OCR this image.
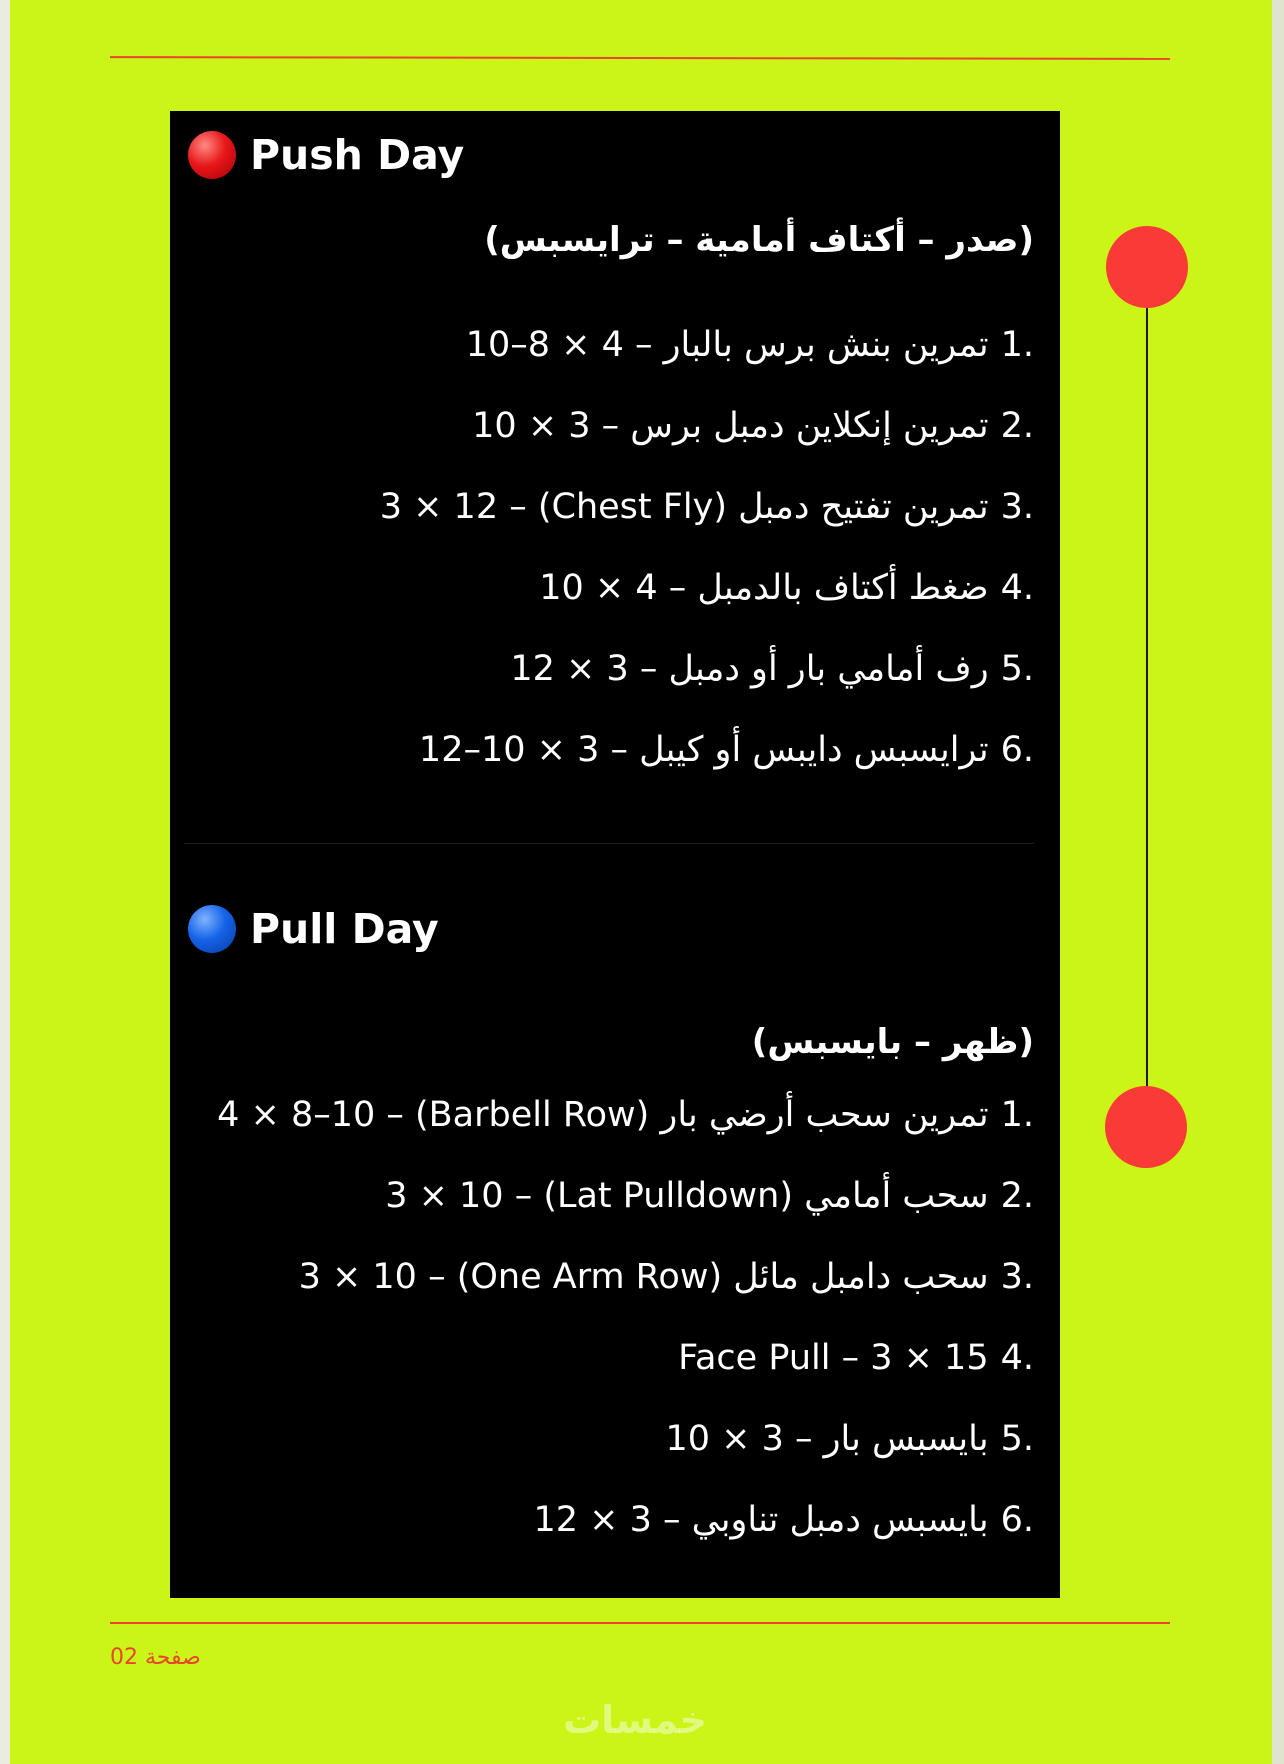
Push Day
(صدر – أكتاف أمامية – ترايسبس)
تمرين بنش برس بالبار – 4 × 8–10 1.
تمرين إنكلاين دمبل برس – 3 × 10 2.
تمرين تفتيح دمبل (Chest Fly) – 3 × 12 3.
ضغط أكتاف بالدمبل – 4 × 10 4.
رف أمامي بار أو دمبل – 3 × 12 5.
ترايسبس دايبس أو كيبل – 3 × 10–12 6.
Pull Day
(ظهر – بايسبس)
تمرين سحب أرضي بار (Barbell Row) – 4 × 8–10 1.
سحب أمامي (Lat Pulldown) – 3 × 10 2.
سحب دامبل مائل (One Arm Row) – 3 × 10 3.
Face Pull – 3 × 15 4.
بايسبس بار – 3 × 10 5.
بايسبس دمبل تناوبي – 3 × 12 6.
صفحة 02
خمسات
